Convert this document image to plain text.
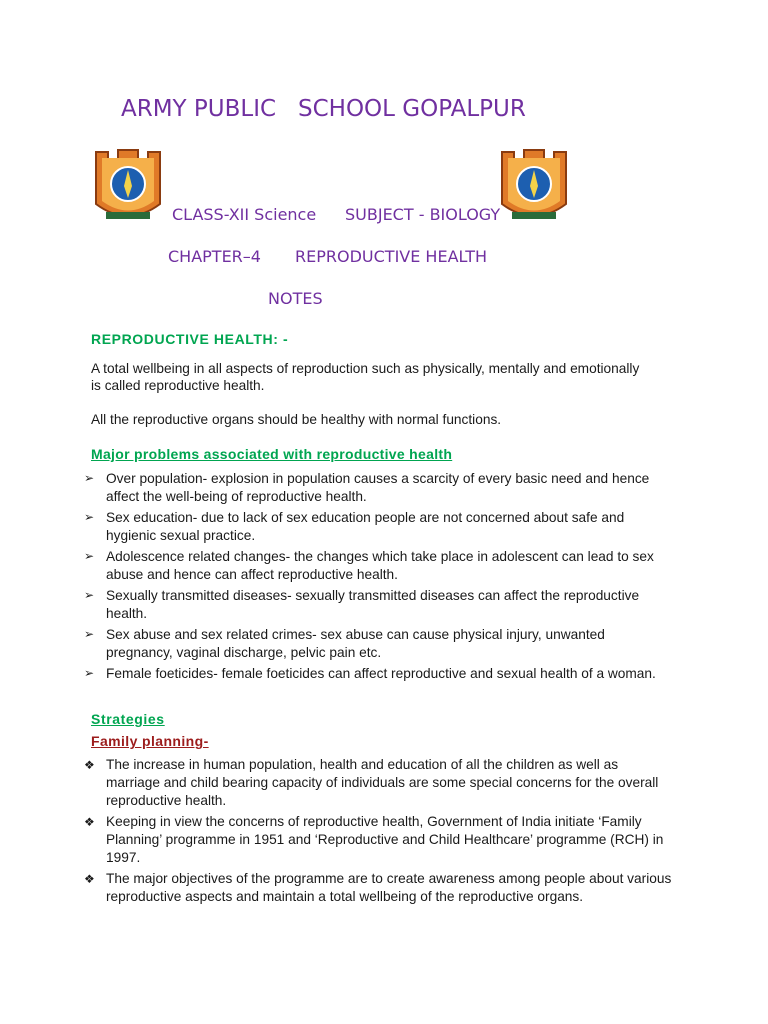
ARMY PUBLIC   SCHOOL GOPALPUR
CLASS-XII Science SUBJECT - BIOLOGY
CHAPTER–4 REPRODUCTIVE HEALTH
NOTES
REPRODUCTIVE HEALTH: -
A total wellbeing in all aspects of reproduction such as physically, mentally and emotionally is called reproductive health.
All the reproductive organs should be healthy with normal functions.
Major problems associated with reproductive health
➢ Over population- explosion in population causes a scarcity of every basic need and hence affect the well-being of reproductive health.
➢ Sex education- due to lack of sex education people are not concerned about safe and hygienic sexual practice.
➢ Adolescence related changes- the changes which take place in adolescent can lead to sex abuse and hence can affect reproductive health.
➢ Sexually transmitted diseases- sexually transmitted diseases can affect the reproductive health.
➢ Sex abuse and sex related crimes- sex abuse can cause physical injury, unwanted pregnancy, vaginal discharge, pelvic pain etc.
➢ Female foeticides- female foeticides can affect reproductive and sexual health of a woman.
Strategies
Family planning-
❖ The increase in human population, health and education of all the children as well as marriage and child bearing capacity of individuals are some special concerns for the overall reproductive health.
❖ Keeping in view the concerns of reproductive health, Government of India initiate ‘Family Planning’ programme in 1951 and ‘Reproductive and Child Healthcare’ programme (RCH) in 1997.
❖ The major objectives of the programme are to create awareness among people about various reproductive aspects and maintain a total wellbeing of the reproductive organs.
